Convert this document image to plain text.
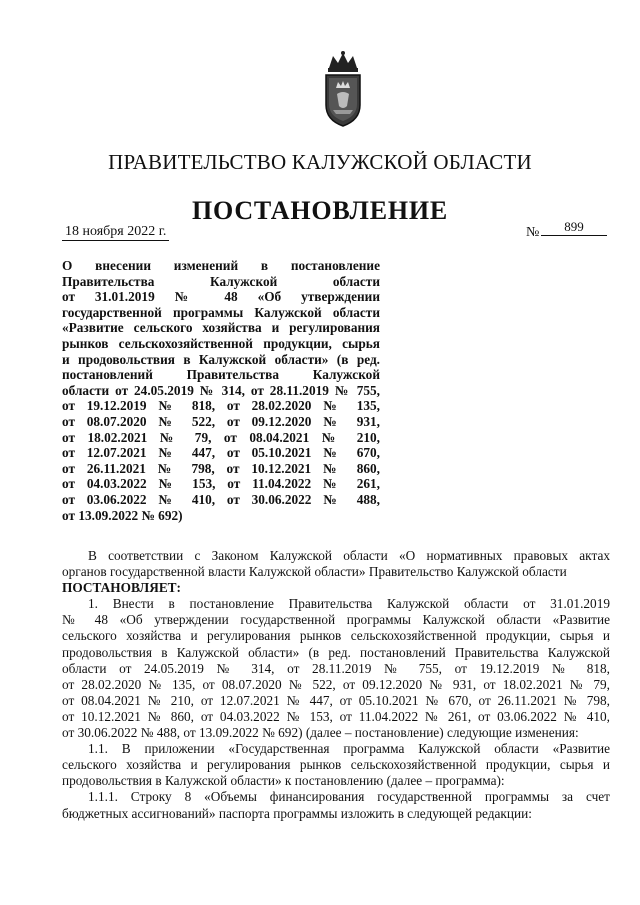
ПРАВИТЕЛЬСТВО КАЛУЖСКОЙ ОБЛАСТИ
ПОСТАНОВЛЕНИЕ
18 ноября 2022 г.	№	899
О внесении изменений в постановление
Правительства Калужской области
от 31.01.2019 № 48 «Об утверждении
государственной программы Калужской области
«Развитие сельского хозяйства и регулирования
рынков сельскохозяйственной продукции, сырья
и продовольствия в Калужской области» (в ред.
постановлений Правительства Калужской
области от 24.05.2019 № 314, от 28.11.2019 № 755,
от 19.12.2019 № 818, от 28.02.2020 № 135,
от 08.07.2020 № 522, от 09.12.2020 № 931,
от 18.02.2021 № 79, от 08.04.2021 № 210,
от 12.07.2021 № 447, от 05.10.2021 № 670,
от 26.11.2021 № 798, от 10.12.2021 № 860,
от 04.03.2022 № 153, от 11.04.2022 № 261,
от 03.06.2022 № 410, от 30.06.2022 № 488,
от 13.09.2022 № 692)
В соответствии с Законом Калужской области «О нормативных правовых актах
органов государственной власти Калужской области» Правительство Калужской области
ПОСТАНОВЛЯЕТ:
1. Внести в постановление Правительства Калужской области от 31.01.2019
№ 48 «Об утверждении государственной программы Калужской области «Развитие
сельского хозяйства и регулирования рынков сельскохозяйственной продукции, сырья и
продовольствия в Калужской области» (в ред. постановлений Правительства Калужской
области от 24.05.2019 № 314, от 28.11.2019 № 755, от 19.12.2019 № 818,
от 28.02.2020 № 135, от 08.07.2020 № 522, от 09.12.2020 № 931, от 18.02.2021 № 79,
от 08.04.2021 № 210, от 12.07.2021 № 447, от 05.10.2021 № 670, от 26.11.2021 № 798,
от 10.12.2021 № 860, от 04.03.2022 № 153, от 11.04.2022 № 261, от 03.06.2022 № 410,
от 30.06.2022 № 488, от 13.09.2022 № 692) (далее – постановление) следующие изменения:
1.1. В приложении «Государственная программа Калужской области «Развитие
сельского хозяйства и регулирования рынков сельскохозяйственной продукции, сырья и
продовольствия в Калужской области» к постановлению (далее – программа):
1.1.1. Строку 8 «Объемы финансирования государственной программы за счет
бюджетных ассигнований» паспорта программы изложить в следующей редакции:
